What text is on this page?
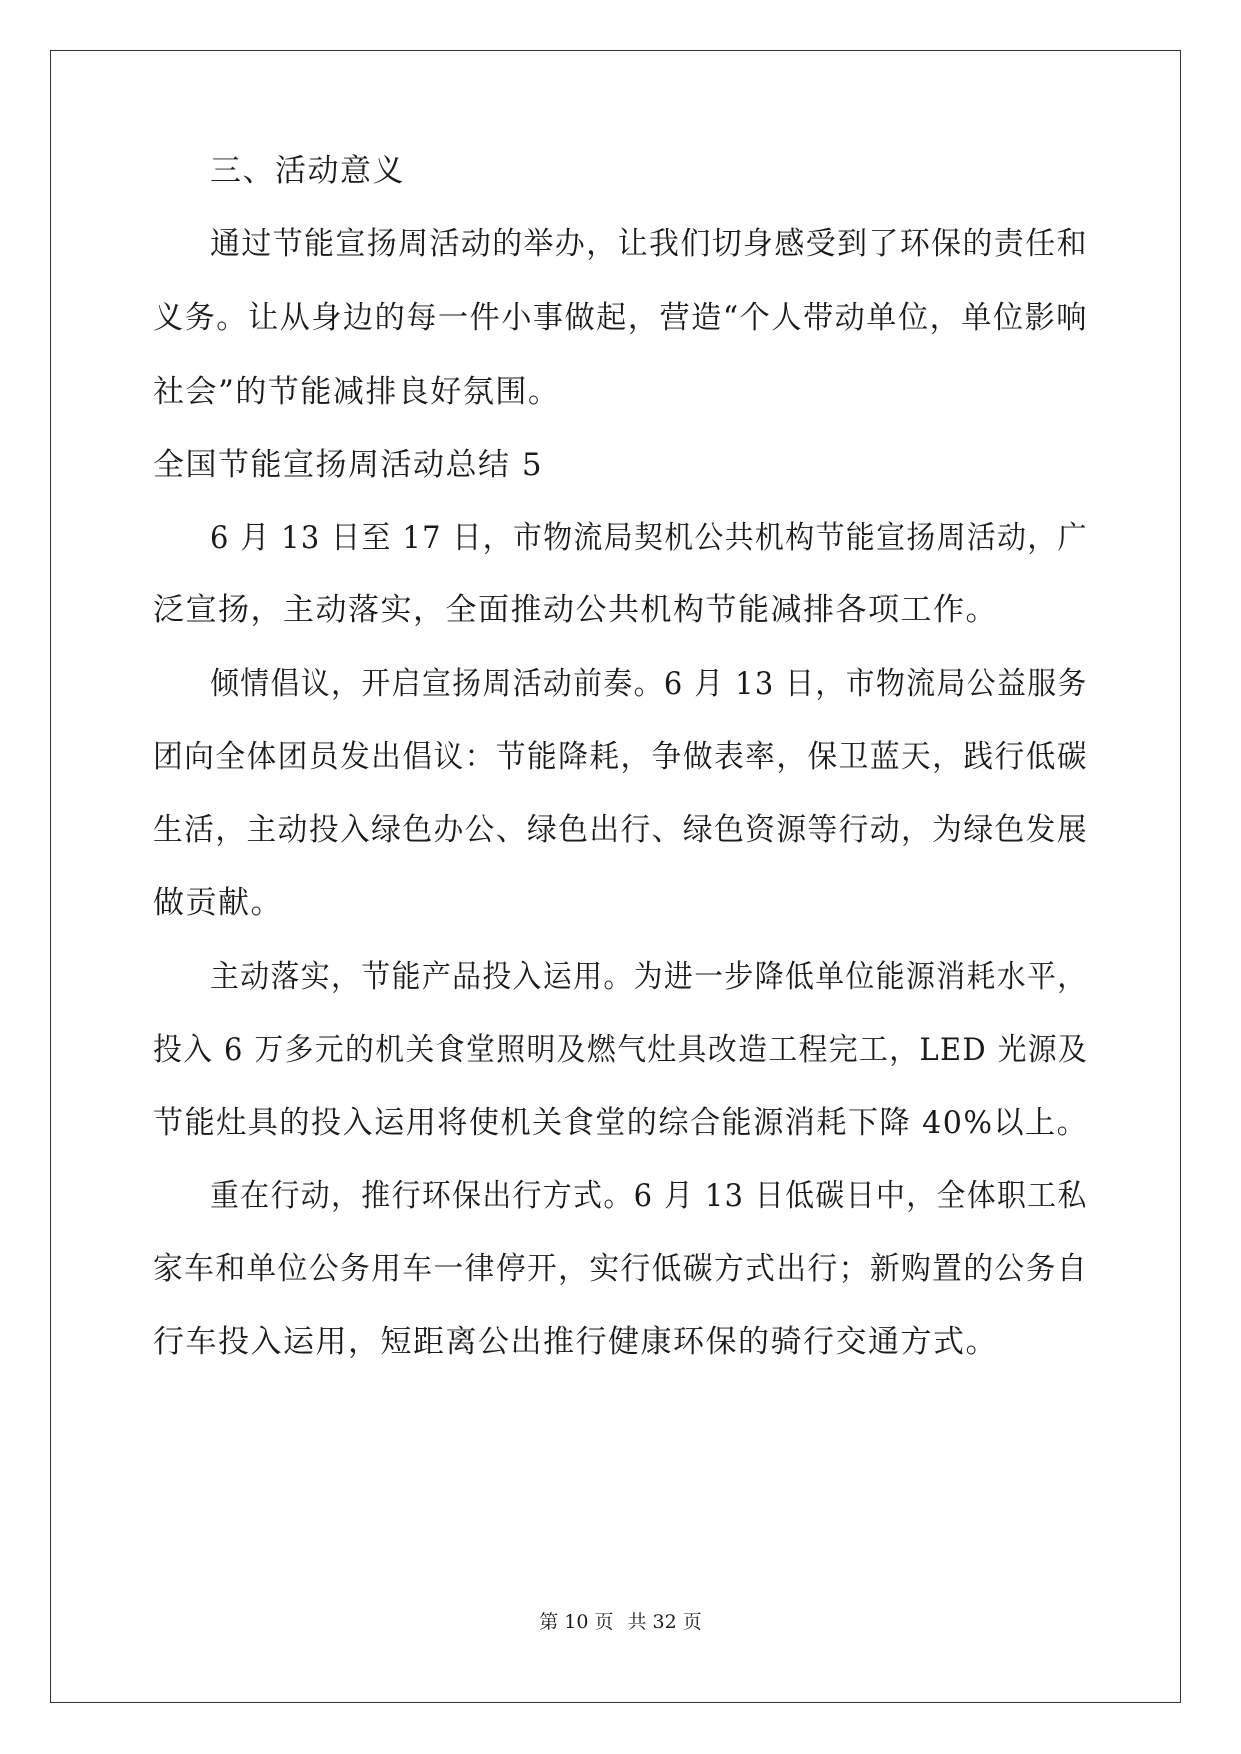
三、活动意义
通过节能宣扬周活动的举办，让我们切身感受到了环保的责任和
义务。让从身边的每一件小事做起，营造“个人带动单位，单位影响
社会”的节能减排良好氛围。
全国节能宣扬周活动总结 5
6 月 13 日至 17 日，市物流局契机公共机构节能宣扬周活动，广
泛宣扬，主动落实，全面推动公共机构节能减排各项工作。
倾情倡议，开启宣扬周活动前奏。6 月 13 日，市物流局公益服务
团向全体团员发出倡议：节能降耗，争做表率，保卫蓝天，践行低碳
生活，主动投入绿色办公、绿色出行、绿色资源等行动，为绿色发展
做贡献。
主动落实，节能产品投入运用。为进一步降低单位能源消耗水平，
投入 6 万多元的机关食堂照明及燃气灶具改造工程完工，LED 光源及
节能灶具的投入运用将使机关食堂的综合能源消耗下降 40%以上。
重在行动，推行环保出行方式。6 月 13 日低碳日中，全体职工私
家车和单位公务用车一律停开，实行低碳方式出行；新购置的公务自
行车投入运用，短距离公出推行健康环保的骑行交通方式。
第 10 页 共 32 页
